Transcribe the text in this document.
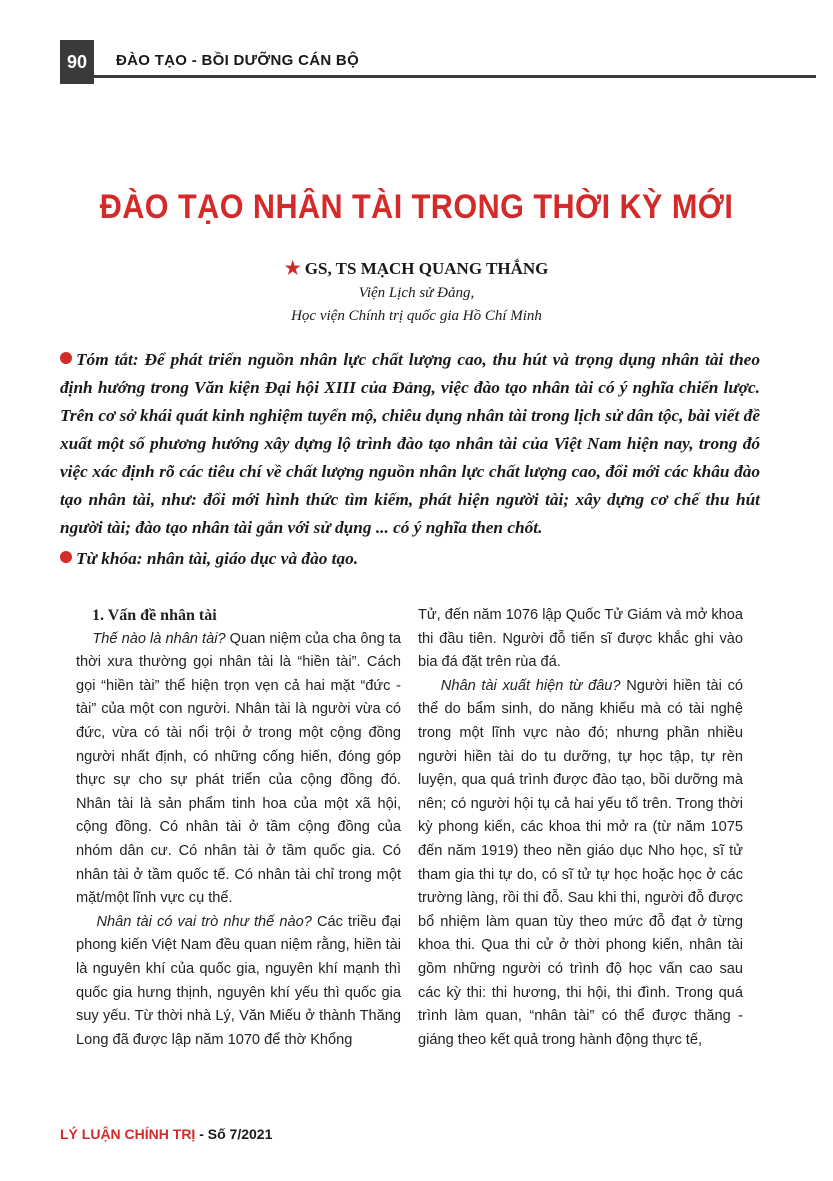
90	ĐÀO TẠO - BỒI DƯỠNG CÁN BỘ
ĐÀO TẠO NHÂN TÀI TRONG THỜI KỲ MỚI
★ GS, TS MẠCH QUANG THẮNG
Viện Lịch sử Đảng,
Học viện Chính trị quốc gia Hồ Chí Minh
Tóm tắt: Để phát triển nguồn nhân lực chất lượng cao, thu hút và trọng dụng nhân tài theo định hướng trong Văn kiện Đại hội XIII của Đảng, việc đào tạo nhân tài có ý nghĩa chiến lược. Trên cơ sở khái quát kinh nghiệm tuyển mộ, chiêu dụng nhân tài trong lịch sử dân tộc, bài viết đề xuất một số phương hướng xây dựng lộ trình đào tạo nhân tài của Việt Nam hiện nay, trong đó việc xác định rõ các tiêu chí về chất lượng nguồn nhân lực chất lượng cao, đổi mới các khâu đào tạo nhân tài, như: đổi mới hình thức tìm kiếm, phát hiện người tài; xây dựng cơ chế thu hút người tài; đào tạo nhân tài gắn với sử dụng ... có ý nghĩa then chốt.
Từ khóa: nhân tài, giáo dục và đào tạo.

1. Vấn đề nhân tài

Thế nào là nhân tài? Quan niệm của cha ông ta thời xưa thường gọi nhân tài là “hiền tài”. Cách gọi “hiền tài” thể hiện trọn vẹn cả hai mặt “đức - tài” của một con người. Nhân tài là người vừa có đức, vừa có tài nổi trội ở trong một cộng đồng người nhất định, có những cống hiến, đóng góp thực sự cho sự phát triển của cộng đồng đó. Nhân tài là sản phẩm tinh hoa của một xã hội, cộng đồng. Có nhân tài ở tầm cộng đồng của nhóm dân cư. Có nhân tài ở tầm quốc gia. Có nhân tài ở tầm quốc tế. Có nhân tài chỉ trong một mặt/một lĩnh vực cụ thể.

Nhân tài có vai trò như thế nào? Các triều đại phong kiến Việt Nam đều quan niệm rằng, hiền tài là nguyên khí của quốc gia, nguyên khí mạnh thì quốc gia hưng thịnh, nguyên khí yếu thì quốc gia suy yếu. Từ thời nhà Lý, Văn Miếu ở thành Thăng Long đã được lập năm 1070 để thờ Khổng

Tử, đến năm 1076 lập Quốc Tử Giám và mở khoa thi đầu tiên. Người đỗ tiến sĩ được khắc ghi vào bia đá đặt trên rùa đá.

Nhân tài xuất hiện từ đâu? Người hiền tài có thể do bẩm sinh, do năng khiếu mà có tài nghệ trong một lĩnh vực nào đó; nhưng phần nhiều người hiền tài do tu dưỡng, tự học tập, tự rèn luyện, qua quá trình được đào tạo, bồi dưỡng mà nên; có người hội tụ cả hai yếu tố trên. Trong thời kỳ phong kiến, các khoa thi mở ra (từ năm 1075 đến năm 1919) theo nền giáo dục Nho học, sĩ tử tham gia thi tự do, có sĩ tử tự học hoặc học ở các trường làng, rồi thi đỗ. Sau khi thi, người đỗ được bổ nhiệm làm quan tùy theo mức đỗ đạt ở từng khoa thi. Qua thi cử ở thời phong kiến, nhân tài gồm những người có trình độ học vấn cao sau các kỳ thi: thi hương, thi hội, thi đình. Trong quá trình làm quan, “nhân tài” có thể được thăng - giáng theo kết quả trong hành động thực tế,

LÝ LUẬN CHÍNH TRỊ - Số 7/2021
